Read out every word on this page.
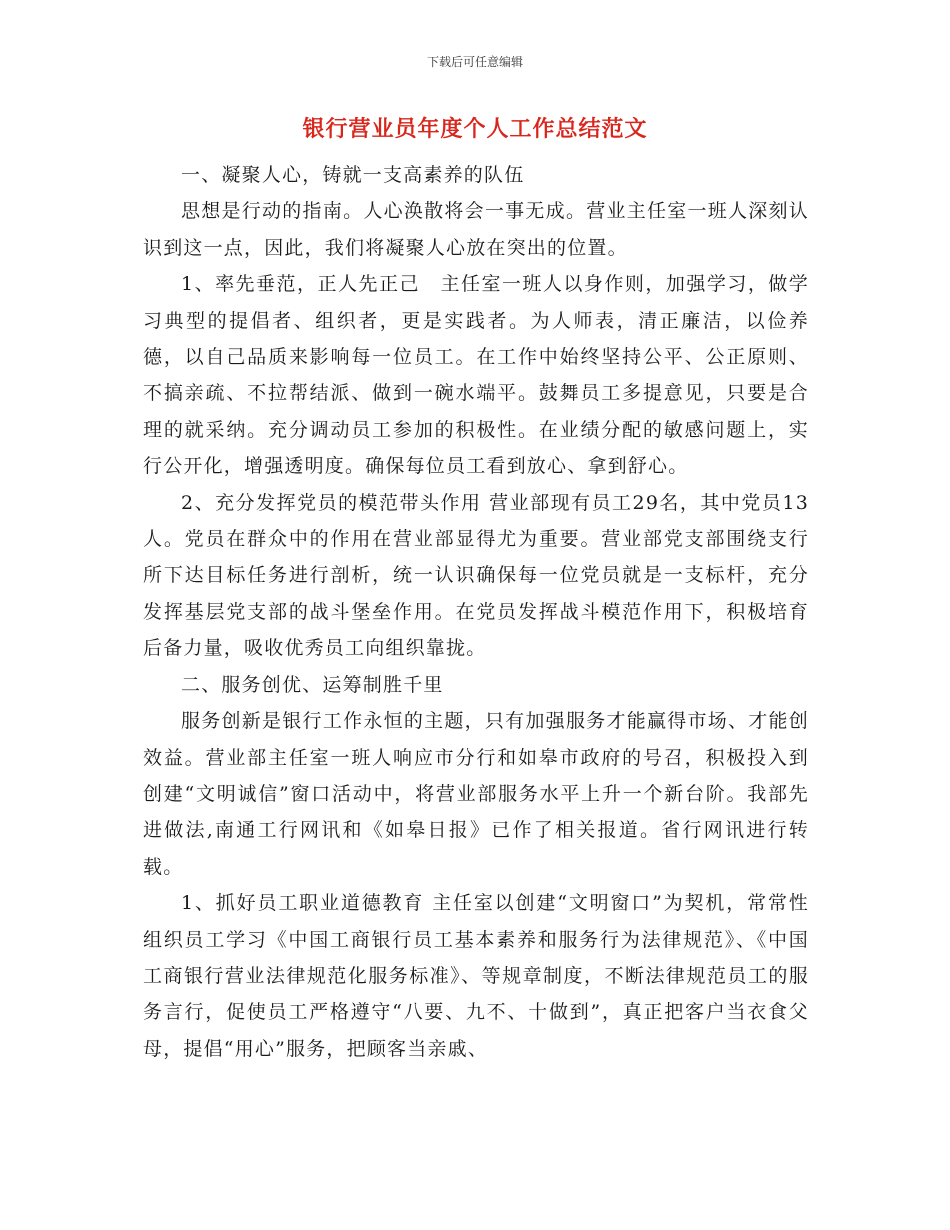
下载后可任意编辑
银行营业员年度个人工作总结范文

一、凝聚人心，铸就一支高素养的队伍

思想是行动的指南。人心涣散将会一事无成。营业主任室一班人深刻认识到这一点，因此，我们将凝聚人心放在突出的位置。

1、率先垂范，正人先正己　主任室一班人以身作则，加强学习，做学习典型的提倡者、组织者，更是实践者。为人师表，清正廉洁，以俭养德，以自己品质来影响每一位员工。在工作中始终坚持公平、公正原则、不搞亲疏、不拉帮结派、做到一碗水端平。鼓舞员工多提意见，只要是合理的就采纳。充分调动员工参加的积极性。在业绩分配的敏感问题上，实行公开化，增强透明度。确保每位员工看到放心、拿到舒心。

2、充分发挥党员的模范带头作用 营业部现有员工29名，其中党员13人。党员在群众中的作用在营业部显得尤为重要。营业部党支部围绕支行所下达目标任务进行剖析，统一认识确保每一位党员就是一支标杆，充分发挥基层党支部的战斗堡垒作用。在党员发挥战斗模范作用下，积极培育后备力量，吸收优秀员工向组织靠拢。

二、服务创优、运筹制胜千里

服务创新是银行工作永恒的主题，只有加强服务才能赢得市场、才能创效益。营业部主任室一班人响应市分行和如皋市政府的号召，积极投入到创建“文明诚信”窗口活动中，将营业部服务水平上升一个新台阶。我部先进做法,南通工行网讯和《如皋日报》已作了相关报道。省行网讯进行转载。

1、抓好员工职业道德教育 主任室以创建“文明窗口”为契机，常常性组织员工学习《中国工商银行员工基本素养和服务行为法律规范》、《中国工商银行营业法律规范化服务标准》、等规章制度，不断法律规范员工的服务言行，促使员工严格遵守“八要、九不、十做到”，真正把客户当衣食父母，提倡“用心”服务，把顾客当亲戚、
